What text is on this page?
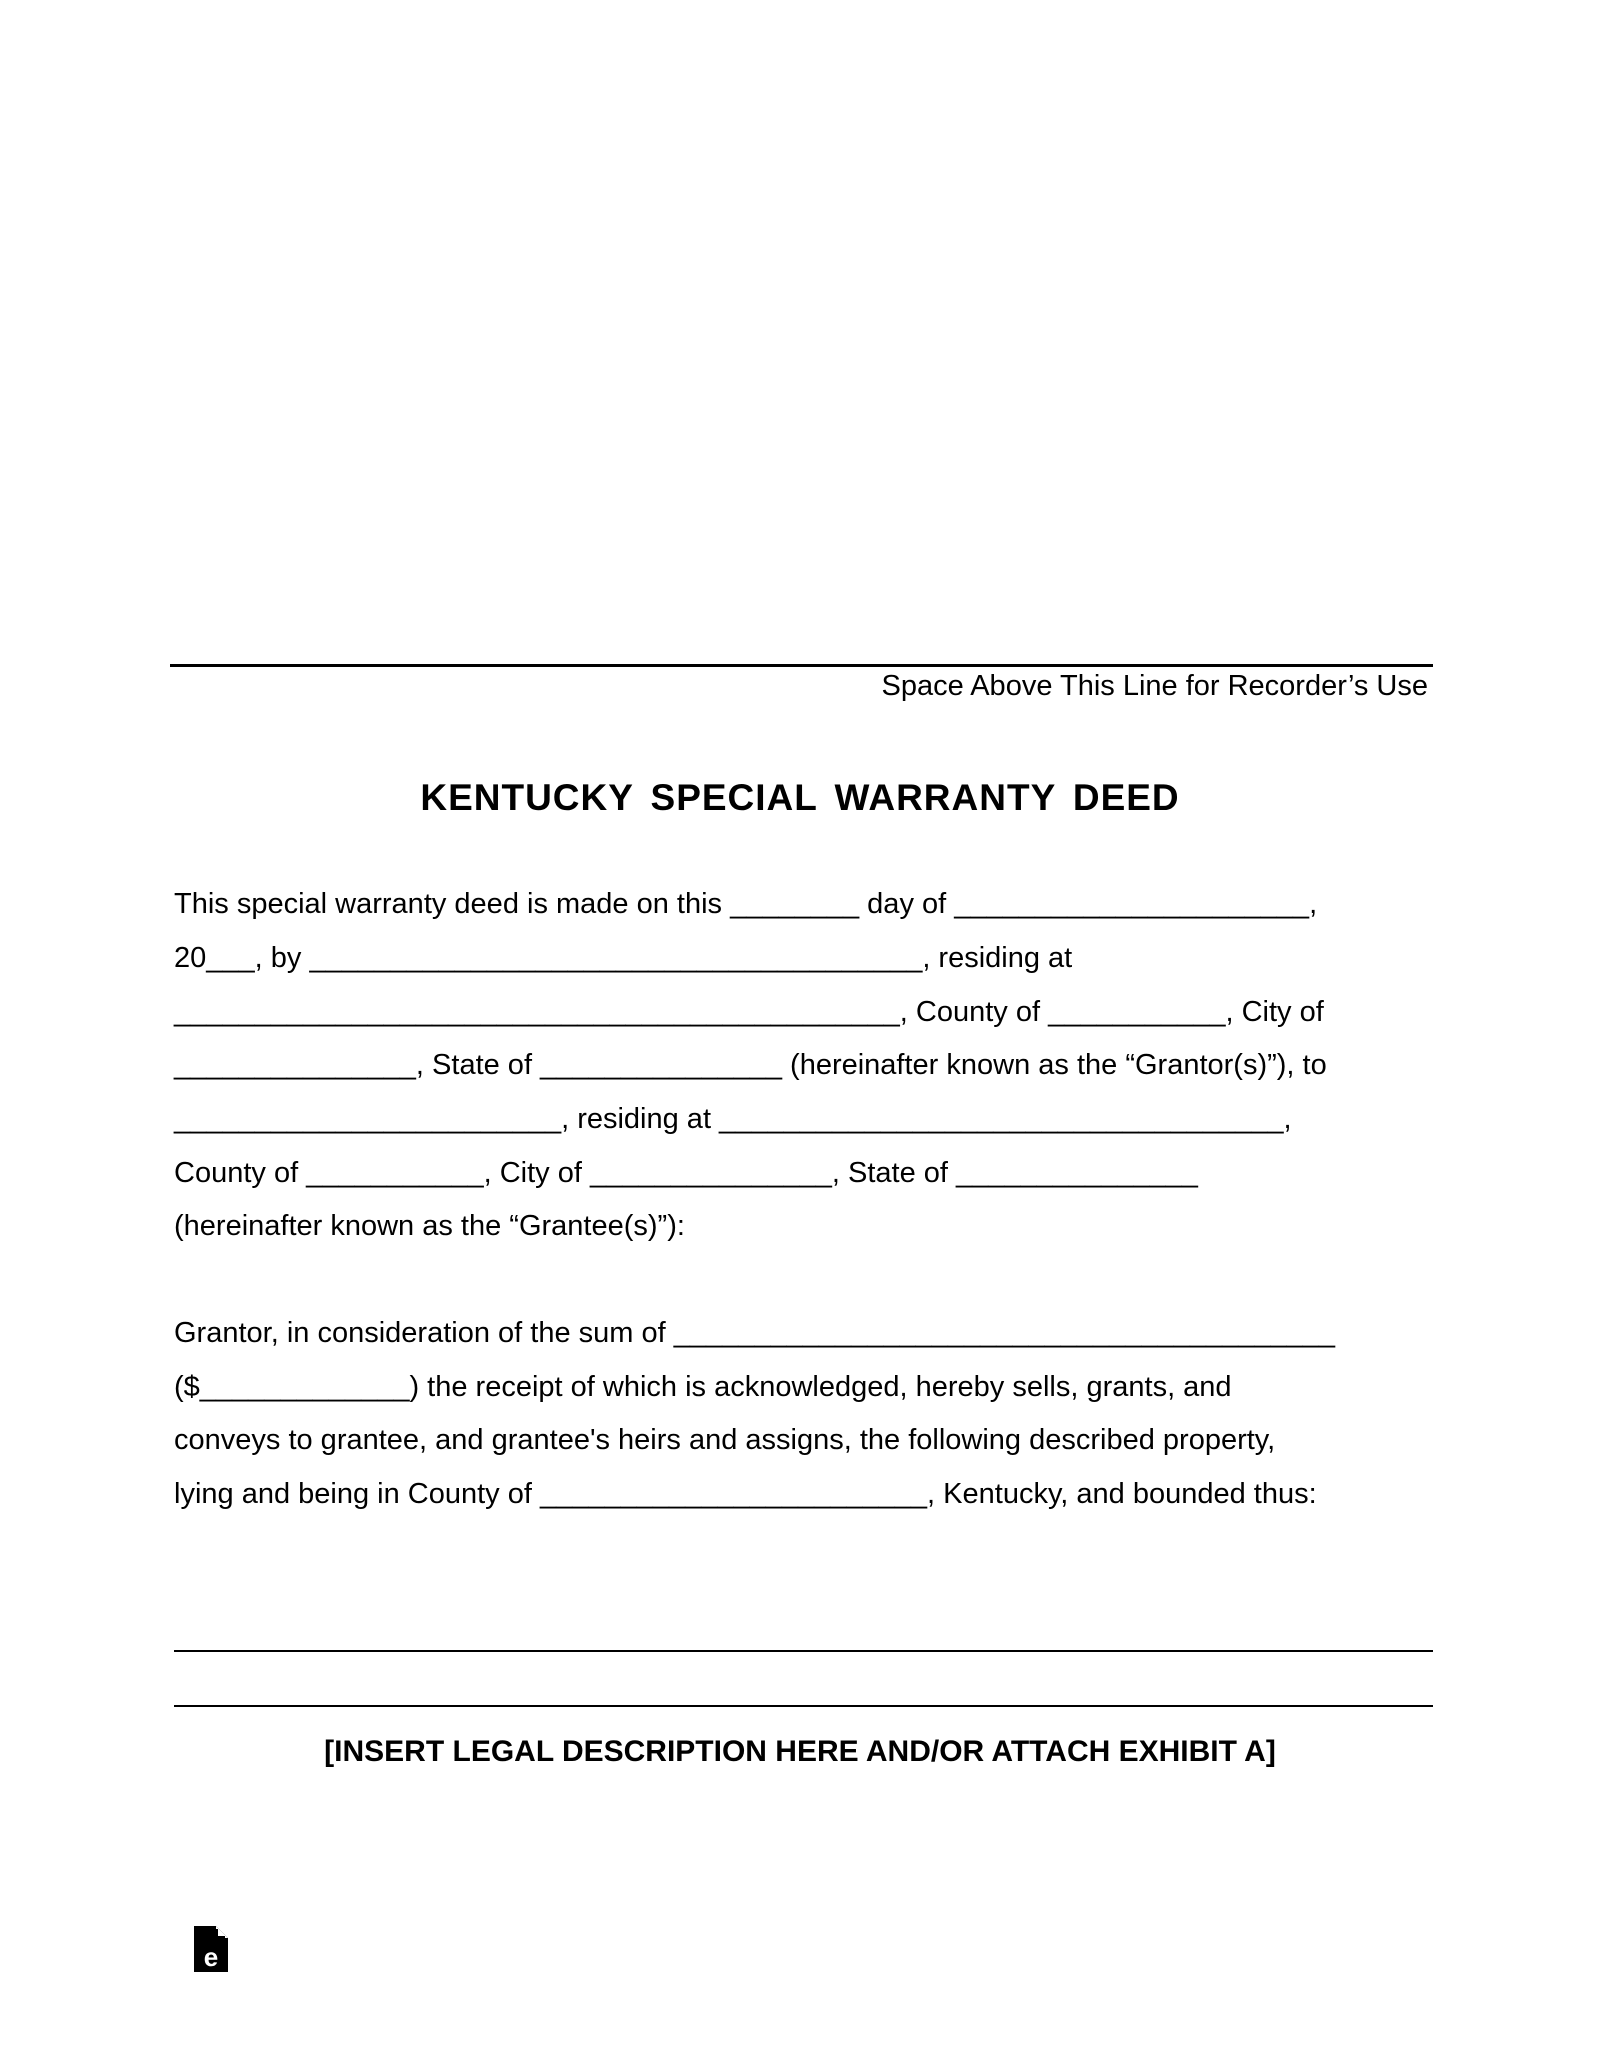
Space Above This Line for Recorder’s Use
KENTUCKY SPECIAL WARRANTY DEED
This special warranty deed is made on this ________ day of ______________________,
20___, by ______________________________________, residing at
_____________________________________________, County of ___________, City of
_______________, State of _______________ (hereinafter known as the “Grantor(s)”), to
________________________, residing at ___________________________________,
County of ___________, City of _______________, State of _______________
(hereinafter known as the “Grantee(s)”):
Grantor, in consideration of the sum of _________________________________________
($_____________) the receipt of which is acknowledged, hereby sells, grants, and
conveys to grantee, and grantee's heirs and assigns, the following described property,
lying and being in County of ________________________, Kentucky, and bounded thus:
[INSERT LEGAL DESCRIPTION HERE AND/OR ATTACH EXHIBIT A]
e
